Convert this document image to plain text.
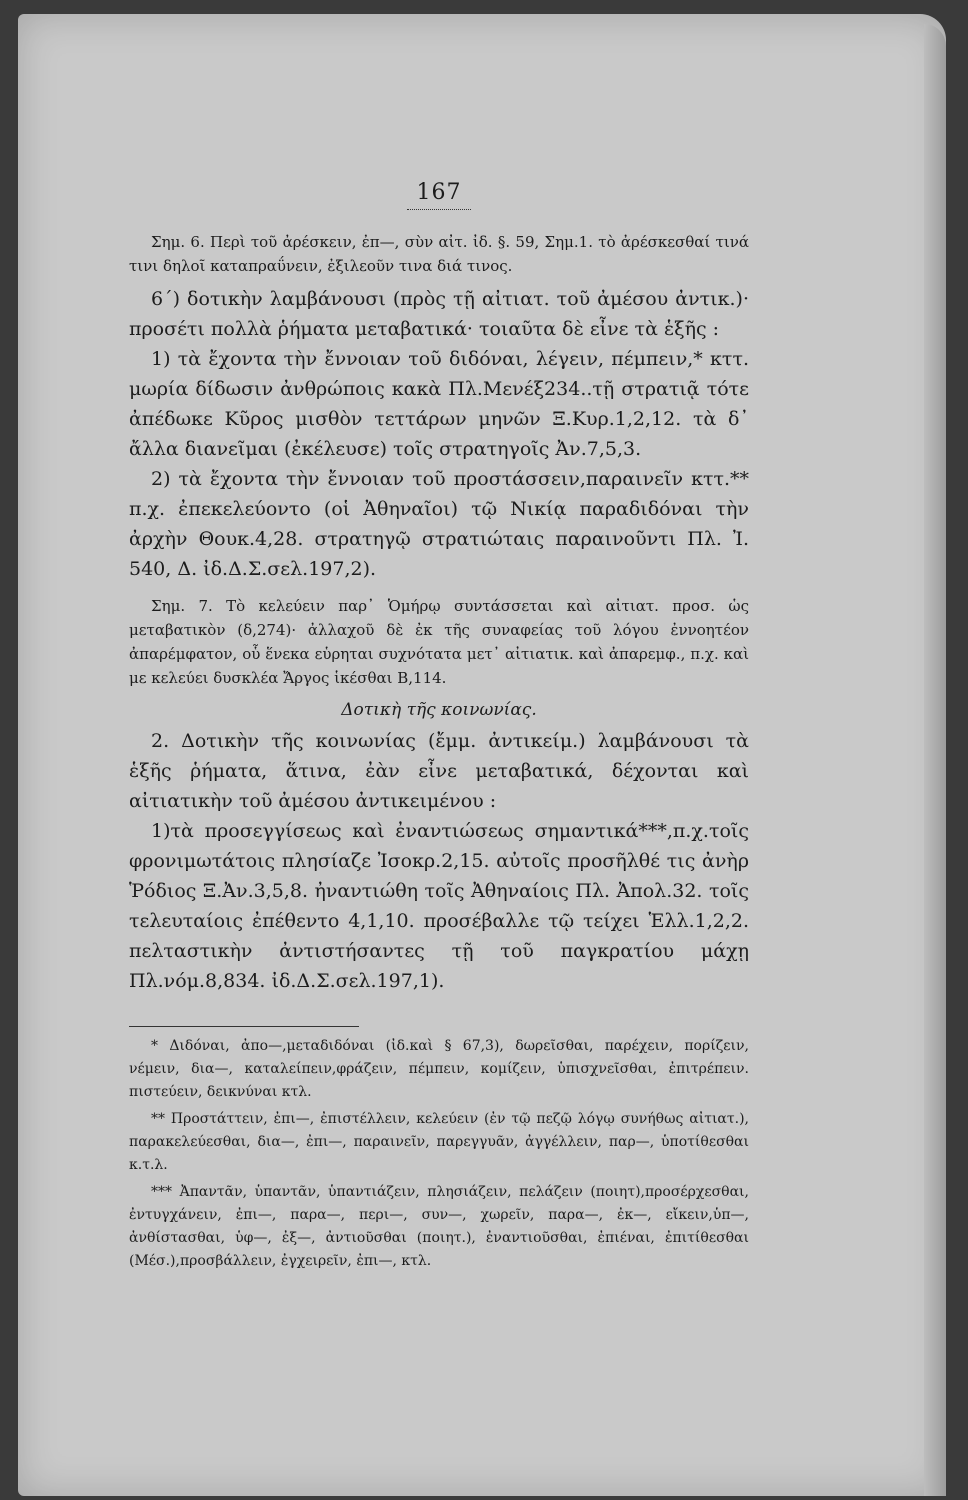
167

Σημ. 6. Περὶ τοῦ ἀρέσκειν, ἐπ—, σὺν αἰτ. ἰδ. §. 59, Σημ.1. τὸ ἀρέσκεσθαί τινά τινι δηλοῖ καταπραΰνειν, ἐξιλεοῦν τινα διά τινος.

6΄) δοτικὴν λαμβάνουσι (πρὸς τῇ αἰτιατ. τοῦ ἀμέσου ἀντικ.)· προσέτι πολλὰ ῥήματα μεταβατικά· τοιαῦτα δὲ εἶνε τὰ ἑξῆς :

1) τὰ ἔχοντα τὴν ἔννοιαν τοῦ διδόναι, λέγειν, πέμπειν,* κττ. μωρία δίδωσιν ἀνθρώποις κακὰ Πλ.Μενέξ234..τῇ στρατιᾷ τότε ἀπέδωκε Κῦρος μισθὸν τεττάρων μηνῶν Ξ.Κυρ.1,2,12. τὰ δ᾽ ἄλλα διανεῖμαι (ἐκέλευσε) τοῖς στρατηγοῖς Ἀν.7,5,3.

2) τὰ ἔχοντα τὴν ἔννοιαν τοῦ προστάσσειν,παραινεῖν κττ.** π.χ. ἐπεκελεύοντο (οἱ Ἀθηναῖοι) τῷ Νικίᾳ παραδιδόναι τὴν ἀρχὴν Θουκ.4,28. στρατηγῷ στρατιώταις παραινοῦντι Πλ. Ἰ. 540, Δ. ἰδ.Δ.Σ.σελ.197,2).

Σημ. 7. Τὸ κελεύειν παρ᾽ Ὁμήρῳ συντάσσεται καὶ αἰτιατ. προσ. ὡς μεταβατικὸν (δ,274)· ἀλλαχοῦ δὲ ἐκ τῆς συναφείας τοῦ λόγου ἐννοητέον ἀπαρέμφατον, οὗ ἕνεκα εὑρηται συχνότατα μετ᾽ αἰτιατικ. καὶ ἀπαρεμφ., π.χ. καὶ με κελεύει δυσκλέα Ἄργος ἱκέσθαι Β,114.

Δοτικὴ τῆς κοινωνίας.

2. Δοτικὴν τῆς κοινωνίας (ἔμμ. ἀντικείμ.) λαμβάνουσι τὰ ἑξῆς ῥήματα, ἅτινα, ἐὰν εἶνε μεταβατικά, δέχονται καὶ αἰτιατικὴν τοῦ ἀμέσου ἀντικειμένου :

1)τὰ προσεγγίσεως καὶ ἐναντιώσεως σημαντικά***,π.χ.τοῖς φρονιμωτάτοις πλησίαζε Ἰσοκρ.2,15. αὐτοῖς προσῆλθέ τις ἀνὴρ Ῥόδιος Ξ.Ἀν.3,5,8. ἠναντιώθη τοῖς Ἀθηναίοις Πλ. Ἀπολ.32. τοῖς τελευταίοις ἐπέθεντο 4,1,10. προσέβαλλε τῷ τείχει Ἑλλ.1,2,2. πελταστικὴν ἀντιστήσαντες τῇ τοῦ παγκρατίου μάχῃ Πλ.νόμ.8,834. ἰδ.Δ.Σ.σελ.197,1).

* Διδόναι, ἀπο—,μεταδιδόναι (ἰδ.καὶ § 67,3), δωρεῖσθαι, παρέχειν, πορίζειν, νέμειν, δια—, καταλείπειν,φράζειν, πέμπειν, κομίζειν, ὑπισχνεῖσθαι, ἐπιτρέπειν. πιστεύειν, δεικνύναι κτλ.

** Προστάττειν, ἐπι—, ἐπιστέλλειν, κελεύειν (ἐν τῷ πεζῷ λόγῳ συνήθως αἰτιατ.), παρακελεύεσθαι, δια—, ἐπι—, παραινεῖν, παρεγγυᾶν, ἀγγέλλειν, παρ—, ὑποτίθεσθαι κ.τ.λ.

*** Ἀπαντᾶν, ὑπαντᾶν, ὑπαντιάζειν, πλησιάζειν, πελάζειν (ποιητ),προσέρχεσθαι, ἐντυγχάνειν, ἐπι—, παρα—, περι—, συν—, χωρεῖν, παρα—, ἐκ—, εἴκειν,ὑπ—, ἀνθίστασθαι, ὑφ—, ἐξ—, ἀντιοῦσθαι (ποιητ.), ἐναντιοῦσθαι, ἐπιέναι, ἐπιτίθεσθαι (Μέσ.),προσβάλλειν, ἐγχειρεῖν, ἐπι—, κτλ.
